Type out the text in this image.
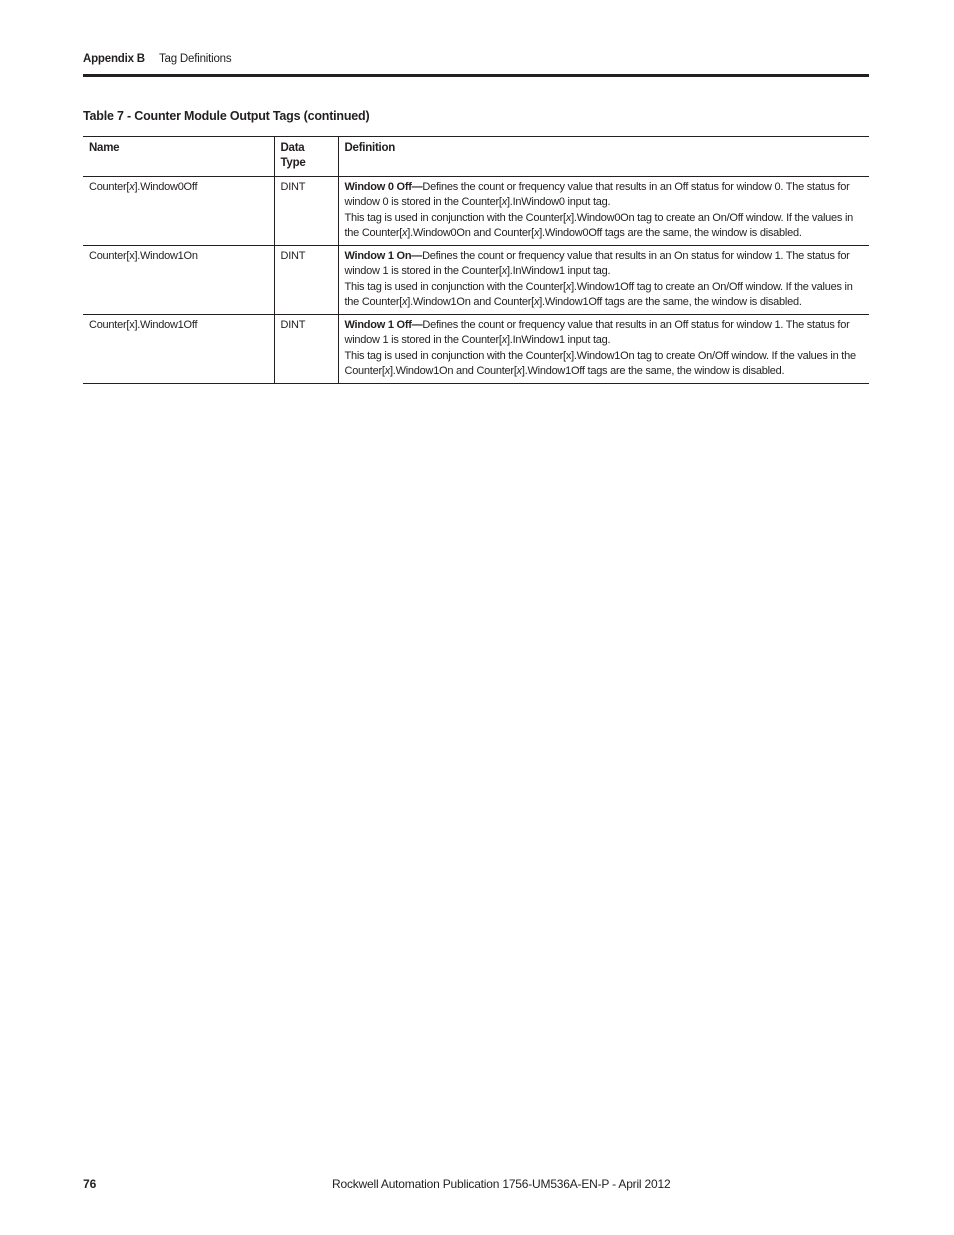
Appendix B Tag Definitions
Table 7 - Counter Module Output Tags (continued)
Name	Data Type	Definition
Counter[x].Window0Off	DINT	Window 0 Off—Defines the count or frequency value that results in an Off status for window 0. The status for window 0 is stored in the Counter[x].InWindow0 input tag.

This tag is used in conjunction with the Counter[x].Window0On tag to create an On/Off window. If the values in the Counter[x].Window0On and Counter[x].Window0Off tags are the same, the window is disabled.

Counter[x].Window1On	DINT	Window 1 On—Defines the count or frequency value that results in an On status for window 1. The status for window 1 is stored in the Counter[x].InWindow1 input tag.

This tag is used in conjunction with the Counter[x].Window1Off tag to create an On/Off window. If the values in the Counter[x].Window1On and Counter[x].Window1Off tags are the same, the window is disabled.

Counter[x].Window1Off	DINT	Window 1 Off—Defines the count or frequency value that results in an Off status for window 1. The status for window 1 is stored in the Counter[x].InWindow1 input tag.

This tag is used in conjunction with the Counter[x].Window1On tag to create On/Off window. If the values in the Counter[x].Window1On and Counter[x].Window1Off tags are the same, the window is disabled.

76	Rockwell Automation Publication 1756-UM536A-EN-P - April 2012
